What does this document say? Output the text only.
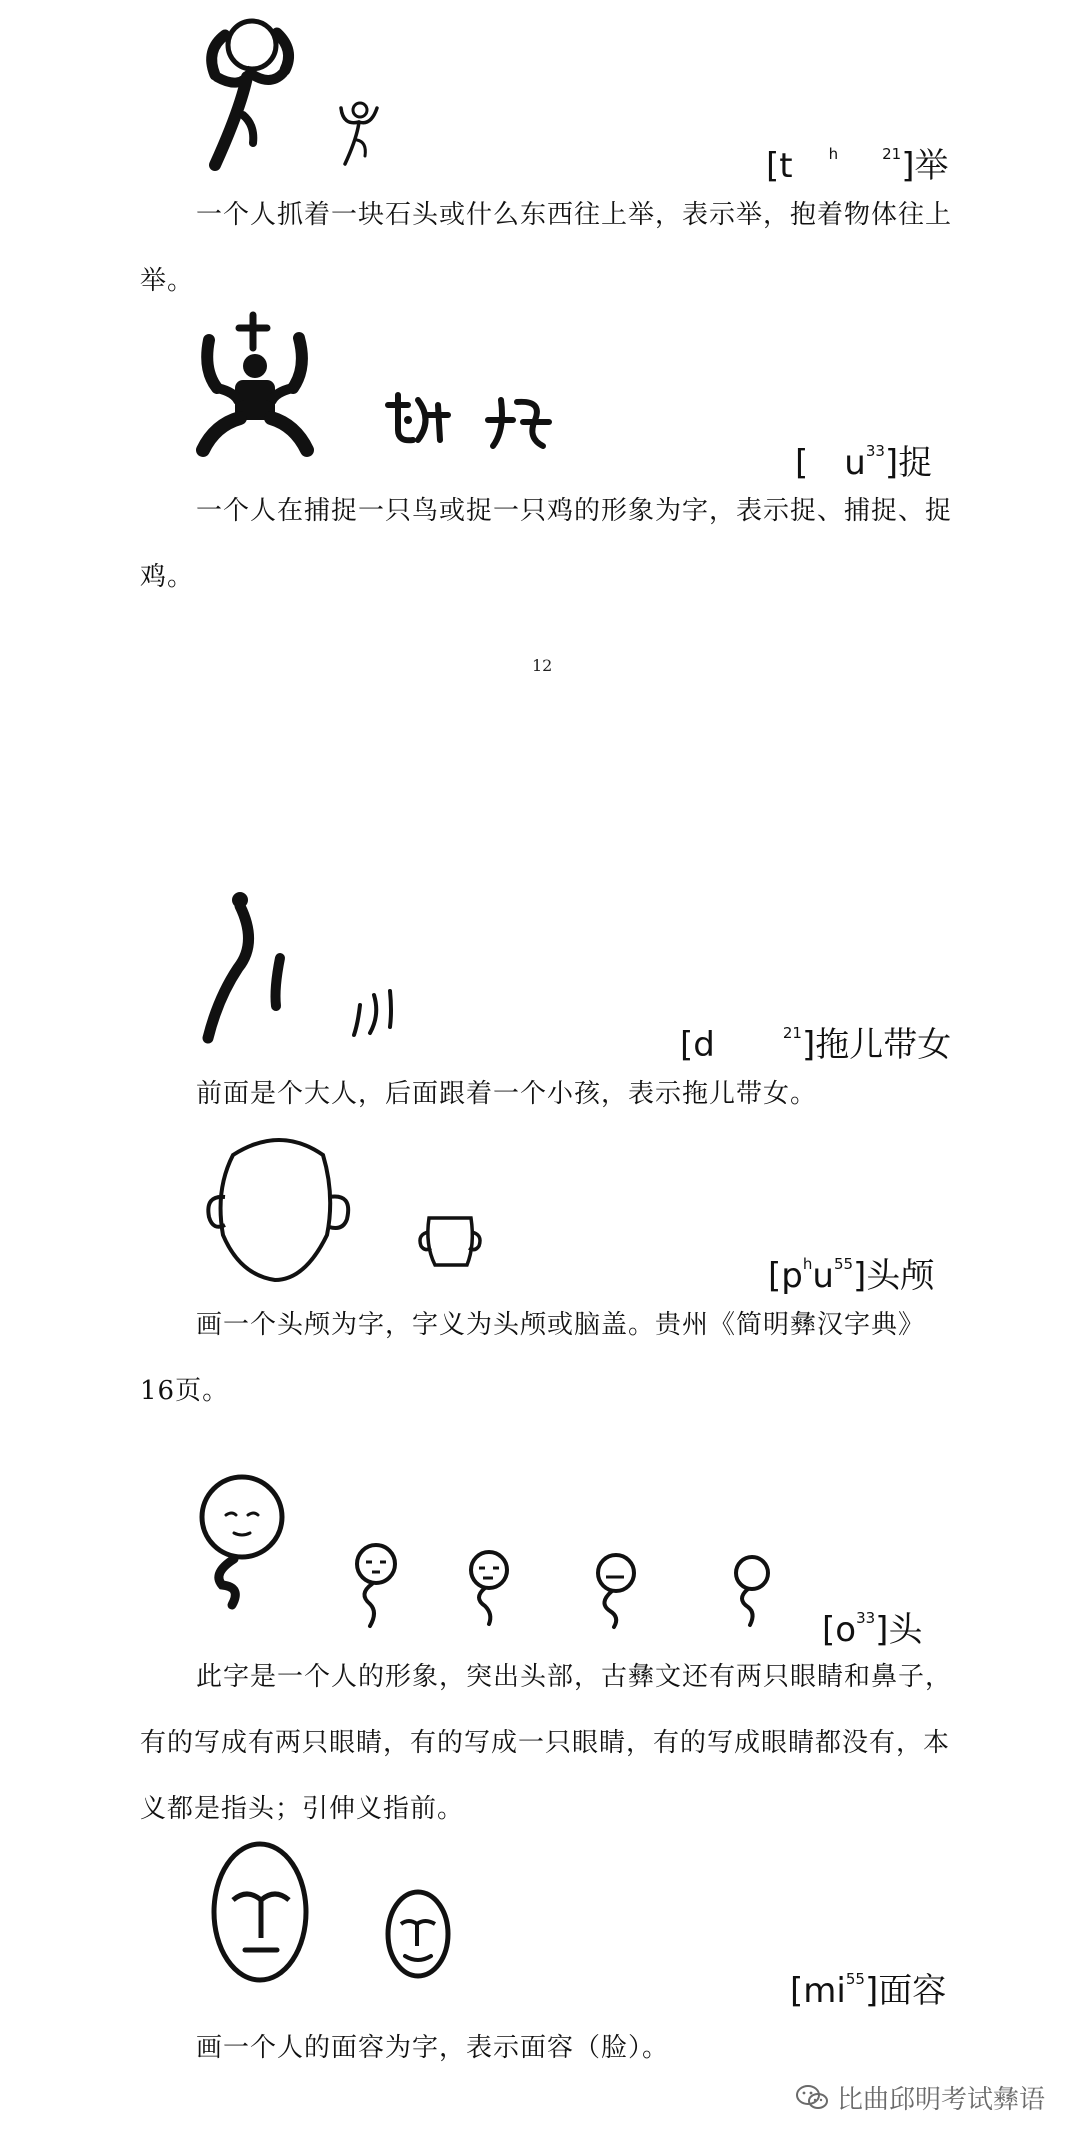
[t $^h$	$^{21}$]举
一个人抓着一块石头或什么东西往上举，表示举，抱着物体往上举。
[ $u^{33}$]捉
一个人在捕捉一只鸟或捉一只鸡的形象为字，表示捉、捕捉、捉鸡。
12
[d	$^{21}$]拖儿带女
前面是个大人，后面跟着一个小孩，表示拖儿带女。
$[p^hu^{55}]$头颅
画一个头颅为字，字义为头颅或脑盖。贵州《简明彝汉字典》16页。
$[o^{33}]$头
此字是一个人的形象，突出头部，古彝文还有两只眼睛和鼻子，有的写成有两只眼睛，有的写成一只眼睛，有的写成眼睛都没有，本义都是指头；引伸义指前。
$[mi^{55}]$面容
画一个人的面容为字，表示面容（脸）。
比曲邱明考试彝语
